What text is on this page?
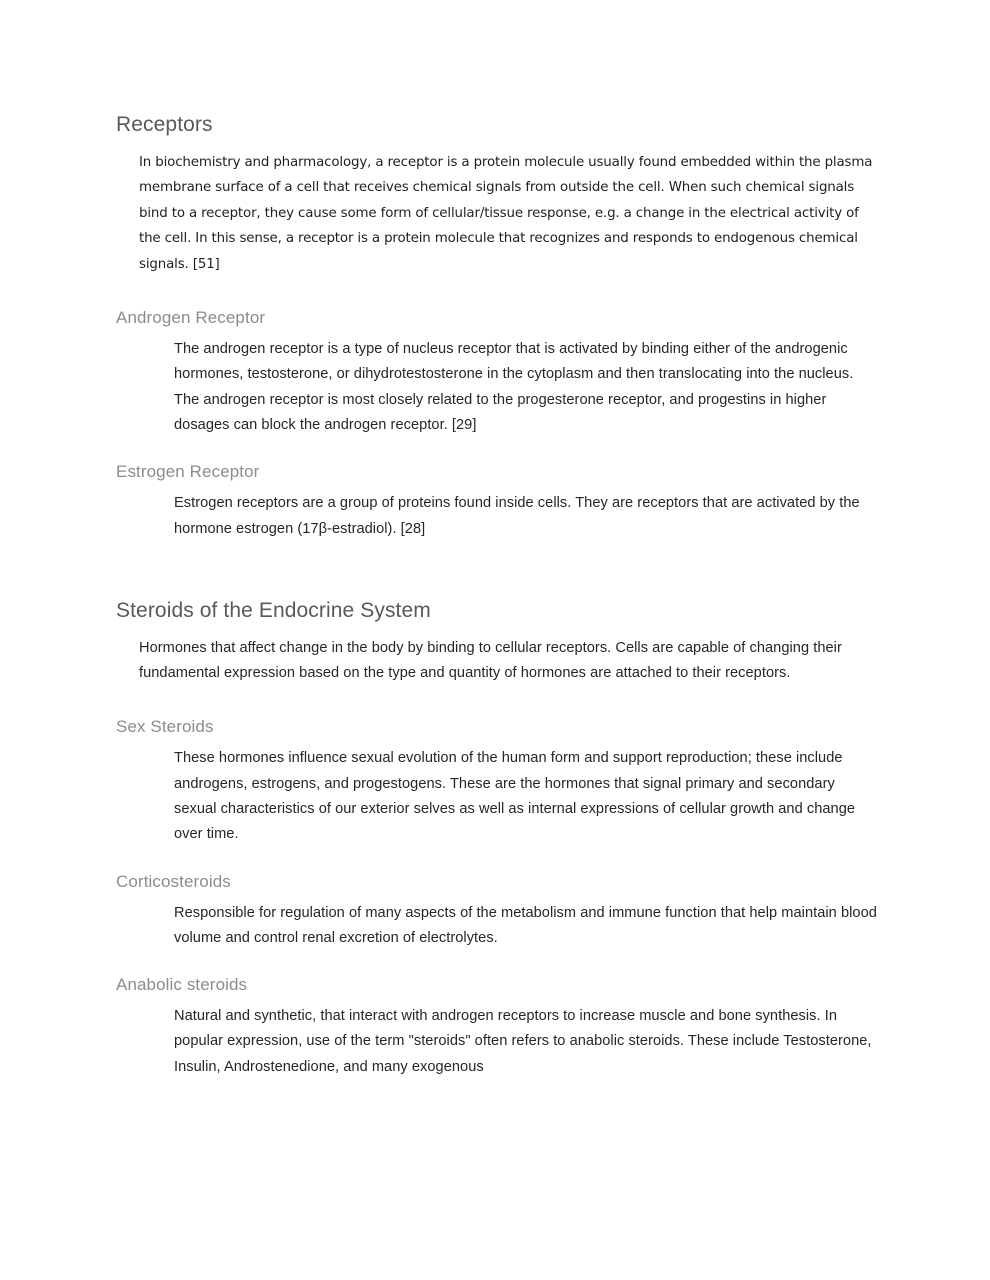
Receptors

In biochemistry and pharmacology, a receptor is a protein molecule usually found embedded within the plasma membrane surface of a cell that receives chemical signals from outside the cell. When such chemical signals bind to a receptor, they cause some form of cellular/tissue response, e.g. a change in the electrical activity of the cell. In this sense, a receptor is a protein molecule that recognizes and responds to endogenous chemical signals. [51]

Androgen Receptor

The androgen receptor is a type of nucleus receptor that is activated by binding either of the androgenic hormones, testosterone, or dihydrotestosterone in the cytoplasm and then translocating into the nucleus. The androgen receptor is most closely related to the progesterone receptor, and progestins in higher dosages can block the androgen receptor. [29]

Estrogen Receptor

Estrogen receptors are a group of proteins found inside cells. They are receptors that are activated by the hormone estrogen (17β-estradiol). [28]

Steroids of the Endocrine System

Hormones that affect change in the body by binding to cellular receptors. Cells are capable of changing their fundamental expression based on the type and quantity of hormones are attached to their receptors.

Sex Steroids

These hormones influence sexual evolution of the human form and support reproduction; these include androgens, estrogens, and progestogens. These are the hormones that signal primary and secondary sexual characteristics of our exterior selves as well as internal expressions of cellular growth and change over time.

Corticosteroids

Responsible for regulation of many aspects of the metabolism and immune function that help maintain blood volume and control renal excretion of electrolytes.

Anabolic steroids

Natural and synthetic, that interact with androgen receptors to increase muscle and bone synthesis. In popular expression, use of the term "steroids" often refers to anabolic steroids. These include Testosterone, Insulin, Androstenedione, and many exogenous
